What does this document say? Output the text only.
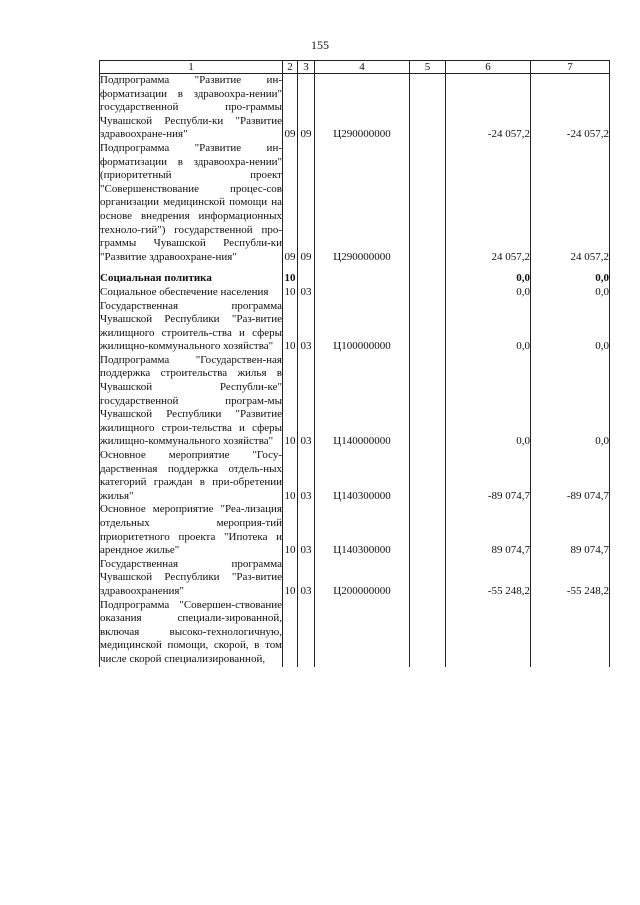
155
1	2	3	4	5	6	7
Подпрограмма "Развитие ин-форматизации в здравоохра-нении" государственной про-граммы Чувашской Республи-ки "Развитие здравоохране-ния"	09	09	Ц290000000		-24 057,2	-24 057,2
Подпрограмма "Развитие ин-форматизации в здравоохра-нении" (приоритетный проект "Совершенствование процес-сов организации медицинской помощи на основе внедрения информационных техноло-гий") государственной про-граммы Чувашской Республи-ки "Развитие здравоохране-ния"	09	09	Ц290000000		24 057,2	24 057,2

Социальная политика	10				0,0	0,0
Социальное обеспечение населения	10	03			0,0	0,0
Государственная программа Чувашской Республики "Раз-витие жилищного строитель-ства и сферы жилищно-коммунального хозяйства"	10	03	Ц100000000		0,0	0,0
Подпрограмма "Государствен-ная поддержка строительства жилья в Чувашской Республи-ке" государственной програм-мы Чувашской Республики "Развитие жилищного строи-тельства и сферы жилищно-коммунального хозяйства"	10	03	Ц140000000		0,0	0,0
Основное мероприятие "Госу-дарственная поддержка отдель-ных категорий граждан в при-обретении жилья"	10	03	Ц140300000		-89 074,7	-89 074,7
Основное мероприятие "Реа-лизация отдельных мероприя-тий приоритетного проекта "Ипотека и арендное жилье"	10	03	Ц140300000		89 074,7	89 074,7
Государственная программа Чувашской Республики "Раз-витие здравоохранения"	10	03	Ц200000000		-55 248,2	-55 248,2
Подпрограмма "Совершен-ствование оказания специали-зированной, включая высоко-технологичную, медицинской помощи, скорой, в том числе скорой специализированной,						
